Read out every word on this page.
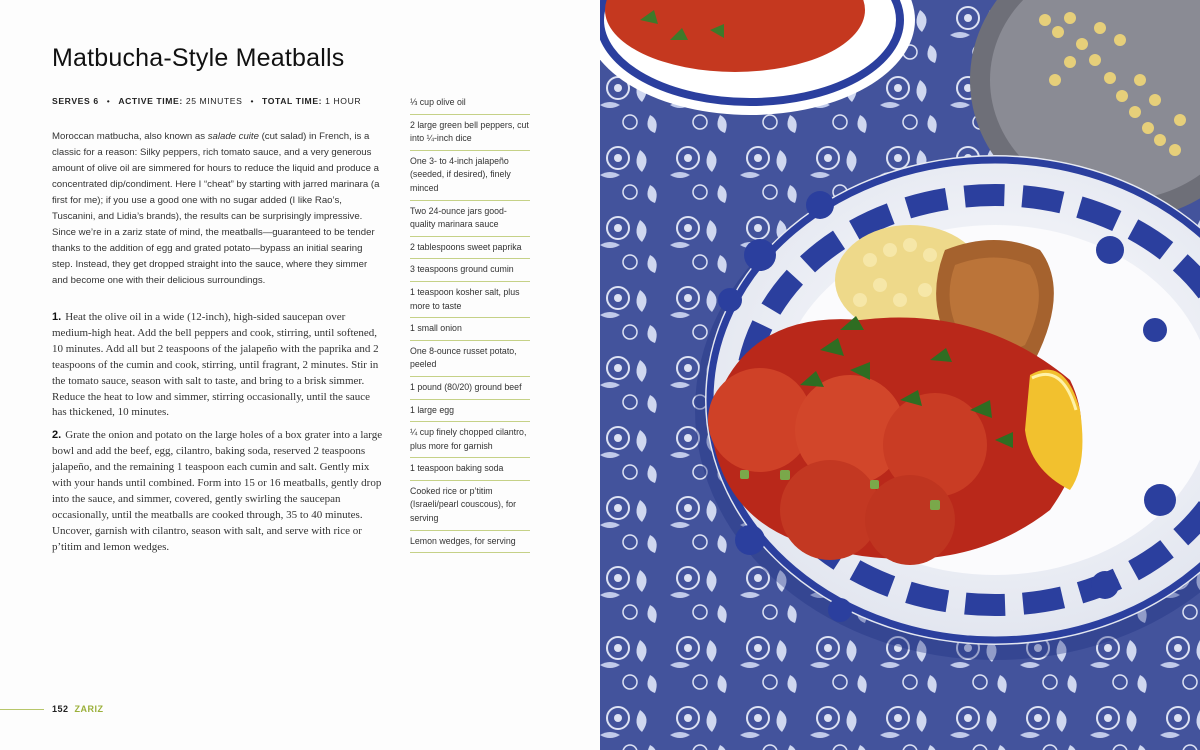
Matbucha-Style Meatballs
SERVES 6 • ACTIVE TIME: 25 MINUTES • TOTAL TIME: 1 HOUR

Moroccan matbucha, also known as salade cuite (cut salad) in French, is a classic for a reason: Silky peppers, rich tomato sauce, and a very generous amount of olive oil are simmered for hours to reduce the liquid and produce a concentrated dip/condiment. Here I “cheat” by starting with jarred marinara (a first for me); if you use a good one with no sugar added (I like Rao’s, Tuscanini, and Lidia’s brands), the results can be surprisingly impressive. Since we’re in a zariz state of mind, the meatballs—guaranteed to be tender thanks to the addition of egg and grated potato—bypass an initial searing step. Instead, they get dropped straight into the sauce, where they simmer and become one with their delicious surroundings.

1. Heat the olive oil in a wide (12-inch), high-sided saucepan over medium-high heat. Add the bell peppers and cook, stirring, until softened, 10 minutes. Add all but 2 teaspoons of the jalapeño with the paprika and 2 teaspoons of the cumin and cook, stirring, until fragrant, 2 minutes. Stir in the tomato sauce, season with salt to taste, and bring to a brisk simmer. Reduce the heat to low and simmer, stirring occasionally, until the sauce has thickened, 10 minutes.

2. Grate the onion and potato on the large holes of a box grater into a large bowl and add the beef, egg, cilantro, baking soda, reserved 2 teaspoons jalapeño, and the remaining 1 teaspoon each cumin and salt. Gently mix with your hands until combined. Form into 15 or 16 meatballs, gently drop into the sauce, and simmer, covered, gently swirling the saucepan occasionally, until the meatballs are cooked through, 35 to 40 minutes. Uncover, garnish with cilantro, season with salt, and serve with rice or p’titim and lemon wedges.

⅓ cup olive oil
2 large green bell peppers, cut into ¼-inch dice
One 3- to 4-inch jalapeño (seeded, if desired), finely minced
Two 24-ounce jars good-quality marinara sauce
2 tablespoons sweet paprika
3 teaspoons ground cumin
1 teaspoon kosher salt, plus more to taste
1 small onion
One 8-ounce russet potato, peeled
1 pound (80/20) ground beef
1 large egg
¼ cup finely chopped cilantro, plus more for garnish
1 teaspoon baking soda
Cooked rice or p’titim (Israeli/pearl couscous), for serving
Lemon wedges, for serving
152 ZARIZ
